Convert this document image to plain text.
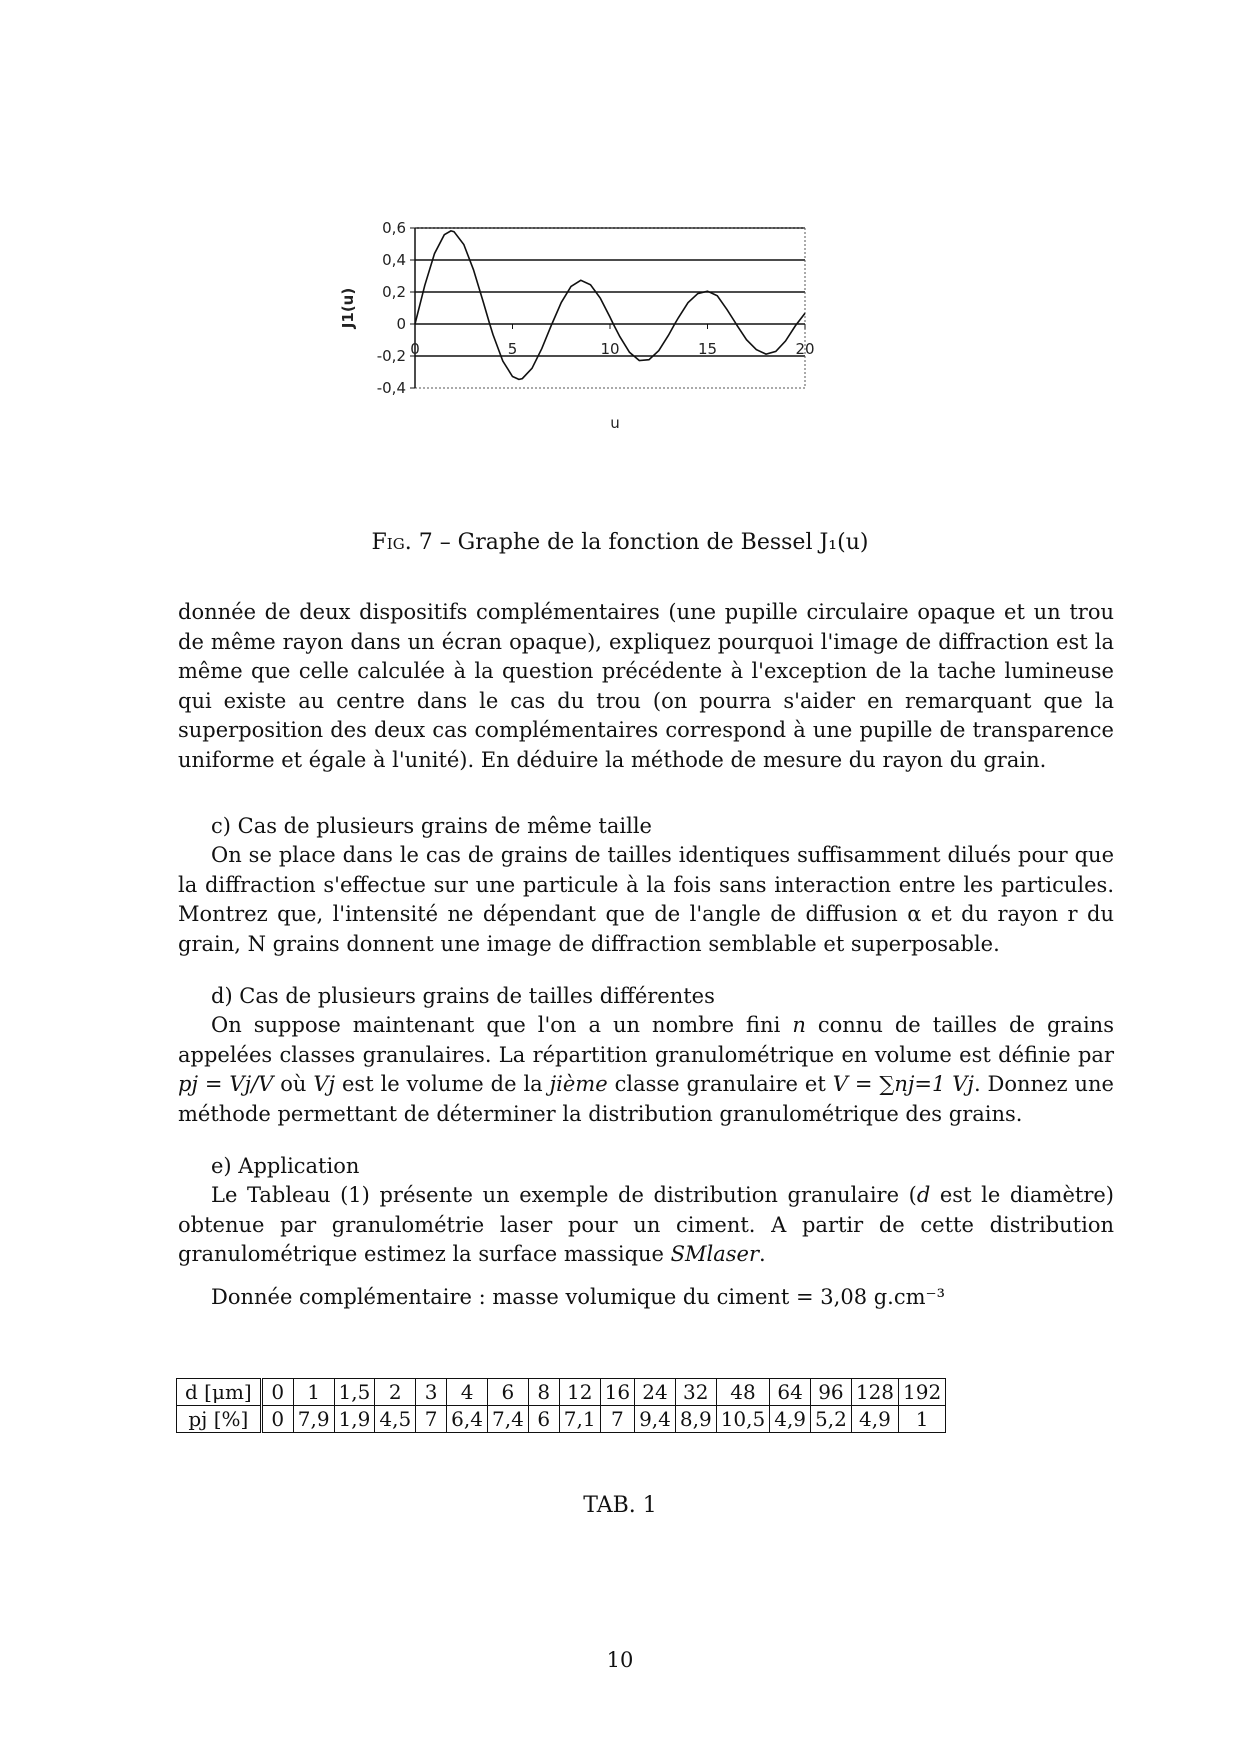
0,6
0,4
0,2
0
-0,2
-0,4
0	5	10	15	20
u
J1(u)
Fig. 7 – Graphe de la fonction de Bessel J₁(u)

donnée de deux dispositifs complémentaires (une pupille circulaire opaque et un trou de même rayon dans un écran opaque), expliquez pourquoi l'image de diffraction est la même que celle calculée à la question précédente à l'exception de la tache lumineuse qui existe au centre dans le cas du trou (on pourra s'aider en remarquant que la superposition des deux cas complémentaires correspond à une pupille de transparence uniforme et égale à l'unité). En déduire la méthode de mesure du rayon du grain.

c) Cas de plusieurs grains de même taille

On se place dans le cas de grains de tailles identiques suffisamment dilués pour que la diffraction s'effectue sur une particule à la fois sans interaction entre les particules. Montrez que, l'intensité ne dépendant que de l'angle de diffusion α et du rayon r du grain, N grains donnent une image de diffraction semblable et superposable.

d) Cas de plusieurs grains de tailles différentes

On suppose maintenant que l'on a un nombre fini n connu de tailles de grains appelées classes granulaires. La répartition granulométrique en volume est définie par pj = Vj/V où Vj est le volume de la jième classe granulaire et V = ∑nj=1 Vj. Donnez une méthode permettant de déterminer la distribution granulométrique des grains.

e) Application

Le Tableau (1) présente un exemple de distribution granulaire (d est le diamètre) obtenue par granulométrie laser pour un ciment. A partir de cette distribution granulométrique estimez la surface massique SMlaser.

Donnée complémentaire : masse volumique du ciment = 3,08 g.cm⁻³

d [μm]	0	1	1,5	2	3	4	6	8	12	16	24	32	48	64	96	128	192
pj [%]	0	7,9	1,9	4,5	7	6,4	7,4	6	7,1	7	9,4	8,9	10,5	4,9	5,2	4,9	1
TAB. 1
10
